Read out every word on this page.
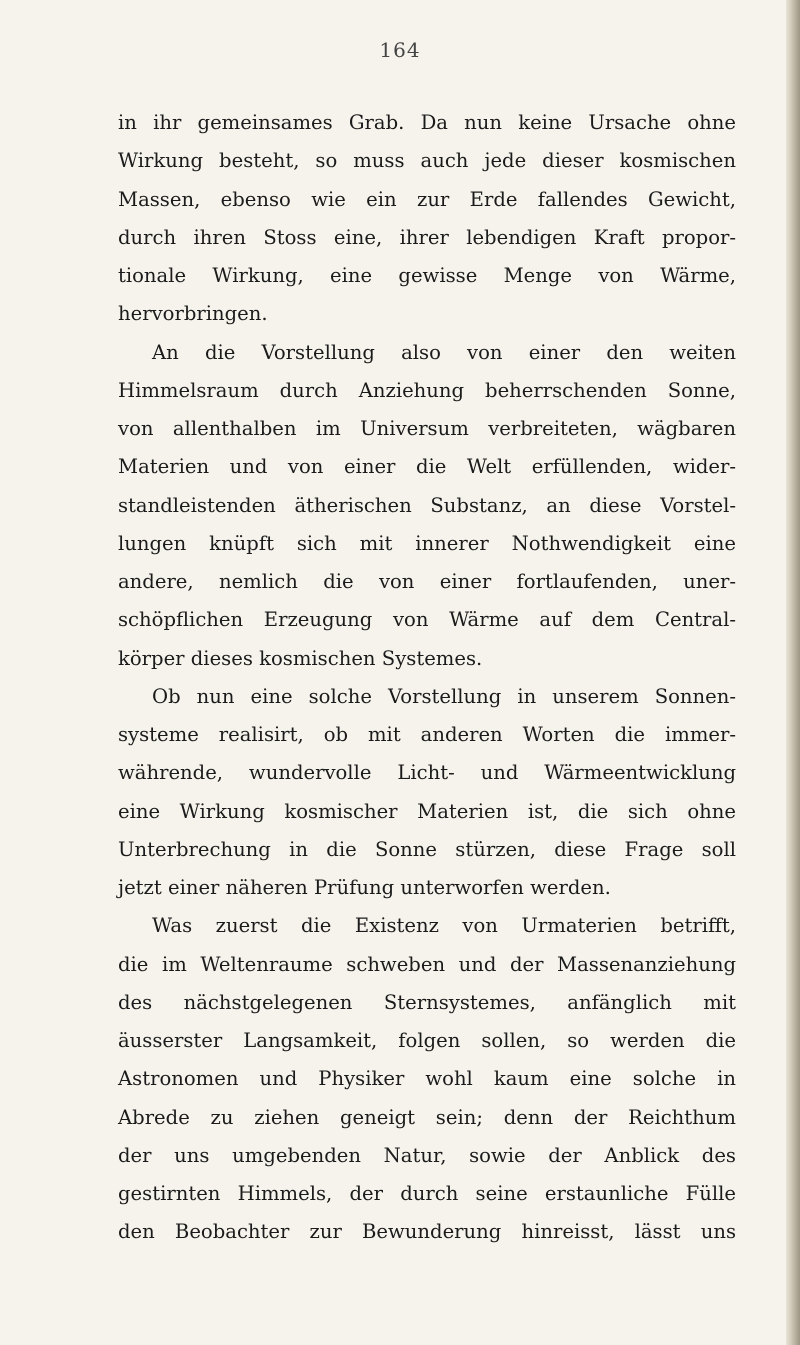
164
in ihr gemeinsames Grab. Da nun keine Ursache ohne
Wirkung besteht, so muss auch jede dieser kosmischen
Massen, ebenso wie ein zur Erde fallendes Gewicht,
durch ihren Stoss eine, ihrer lebendigen Kraft propor-
tionale Wirkung, eine gewisse Menge von Wärme,
hervorbringen.
An die Vorstellung also von einer den weiten
Himmelsraum durch Anziehung beherrschenden Sonne,
von allenthalben im Universum verbreiteten, wägbaren
Materien und von einer die Welt erfüllenden, wider-
standleistenden ätherischen Substanz, an diese Vorstel-
lungen knüpft sich mit innerer Nothwendigkeit eine
andere, nemlich die von einer fortlaufenden, uner-
schöpflichen Erzeugung von Wärme auf dem Central-
körper dieses kosmischen Systemes.
Ob nun eine solche Vorstellung in unserem Sonnen-
systeme realisirt, ob mit anderen Worten die immer-
währende, wundervolle Licht- und Wärmeentwicklung
eine Wirkung kosmischer Materien ist, die sich ohne
Unterbrechung in die Sonne stürzen, diese Frage soll
jetzt einer näheren Prüfung unterworfen werden.
Was zuerst die Existenz von Urmaterien betrifft,
die im Weltenraume schweben und der Massenanziehung
des nächstgelegenen Sternsystemes, anfänglich mit
äusserster Langsamkeit, folgen sollen, so werden die
Astronomen und Physiker wohl kaum eine solche in
Abrede zu ziehen geneigt sein; denn der Reichthum
der uns umgebenden Natur, sowie der Anblick des
gestirnten Himmels, der durch seine erstaunliche Fülle
den Beobachter zur Bewunderung hinreisst, lässt uns
